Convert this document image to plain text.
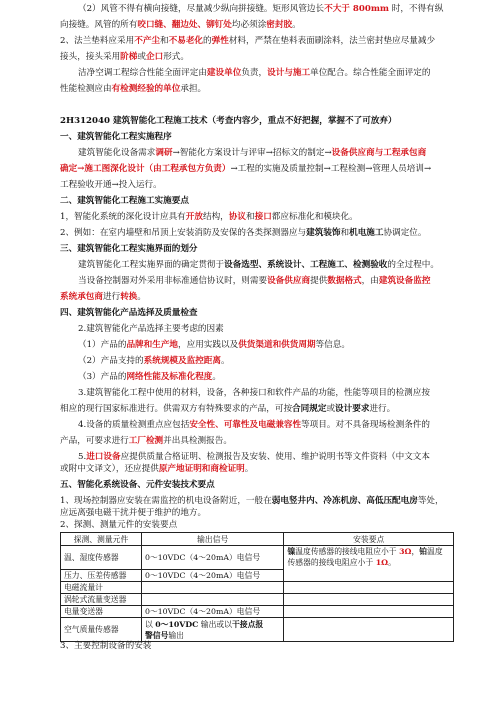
（2）风管不得有横向接缝，尽量减少纵向拼接缝。矩形风管边长不大于 800mm 时，不得有纵
向接缝。风管的所有咬口缝、翻边处、铆钉处均必须涂密封胶。
2、法兰垫料应采用不产尘和不易老化的弹性材料，严禁在垫料表面刷涂料，法兰密封垫应尽量减少
接头，接头采用阶梯或企口形式。
洁净空调工程综合性能全面评定由建设单位负责，设计与施工单位配合。综合性能全面评定的
性能检测应由有检测经验的单位承担。
2H312040 建筑智能化工程施工技术（考查内容少，重点不好把握，掌握不了可放弃）
一、建筑智能化工程实施程序
建筑智能化设备需求调研→智能化方案设计与评审→招标文的制定→设备供应商与工程承包商
确定→施工图深化设计（由工程承包方负责）→工程的实施及质量控制→工程检测→管理人员培训→
工程验收开通→投入运行。
二、建筑智能化工程施工实施要点
1，智能化系统的深化设计应具有开放结构，协议和接口都应标准化和模块化。
2、例如：在室内墙壁和吊顶上安装消防及安保的各类探测器应与建筑装饰和机电施工协调定位。
三、建筑智能化工程实施界面的划分
建筑智能化工程实施界面的确定贯彻于设备选型、系统设计、工程施工、检测验收的全过程中。
当设备控制器对外采用非标准通信协议时，则需要设备供应商提供数据格式，由建筑设备监控
系统承包商进行转换。
四、建筑智能化产品选择及质量检查
2.建筑智能化产品选择主要考虑的因素
（1）产品的品牌和生产地，应用实践以及供货渠道和供货周期等信息。
（2）产品支持的系统规模及监控距离。
（3）产品的网络性能及标准化程度。
3.建筑智能化工程中使用的材料，设备，各种接口和软件产品的功能，性能等项目的检测应按
相应的现行国家标准进行。供需双方有特殊要求的产品，可按合同规定或设计要求进行。
4.设备的质量检测重点应包括安全性、可靠性及电磁兼容性等项目。对不具备现场检测条件的
产品，可要求进行工厂检测并出具检测报告。
5.进口设备应提供质量合格证明、检测报告及安装、使用、维护说明书等文件资料（中文文本
或附中文译文），还应提供原产地证明和商检证明。
五、智能化系统设备、元件安装技术要点
1、现场控制器应安装在需监控的机电设备附近，一般在弱电竖井内、冷冻机房、高低压配电房等处，
应远离强电磁干扰并便于维护的地方。
2、探测、测量元件的安装要点
探测、测量元件	输出信号	安装要点
温、湿度传感器	0～10VDC（4～20mA）电信号	镍温度传感器的接线电阻应小于 3Ω，铂温度传感器的接线电阻应小于 1Ω。
压力、压差传感器	0～10VDC（4～20mA）电信号	
电磁流量计		
涡轮式流量变送器		
电量变送器	0～10VDC（4～20mA）电信号	
空气质量传感器	以 0～10VDC 输出或以干接点报
警信号输出	
3、主要控制设备的安装
